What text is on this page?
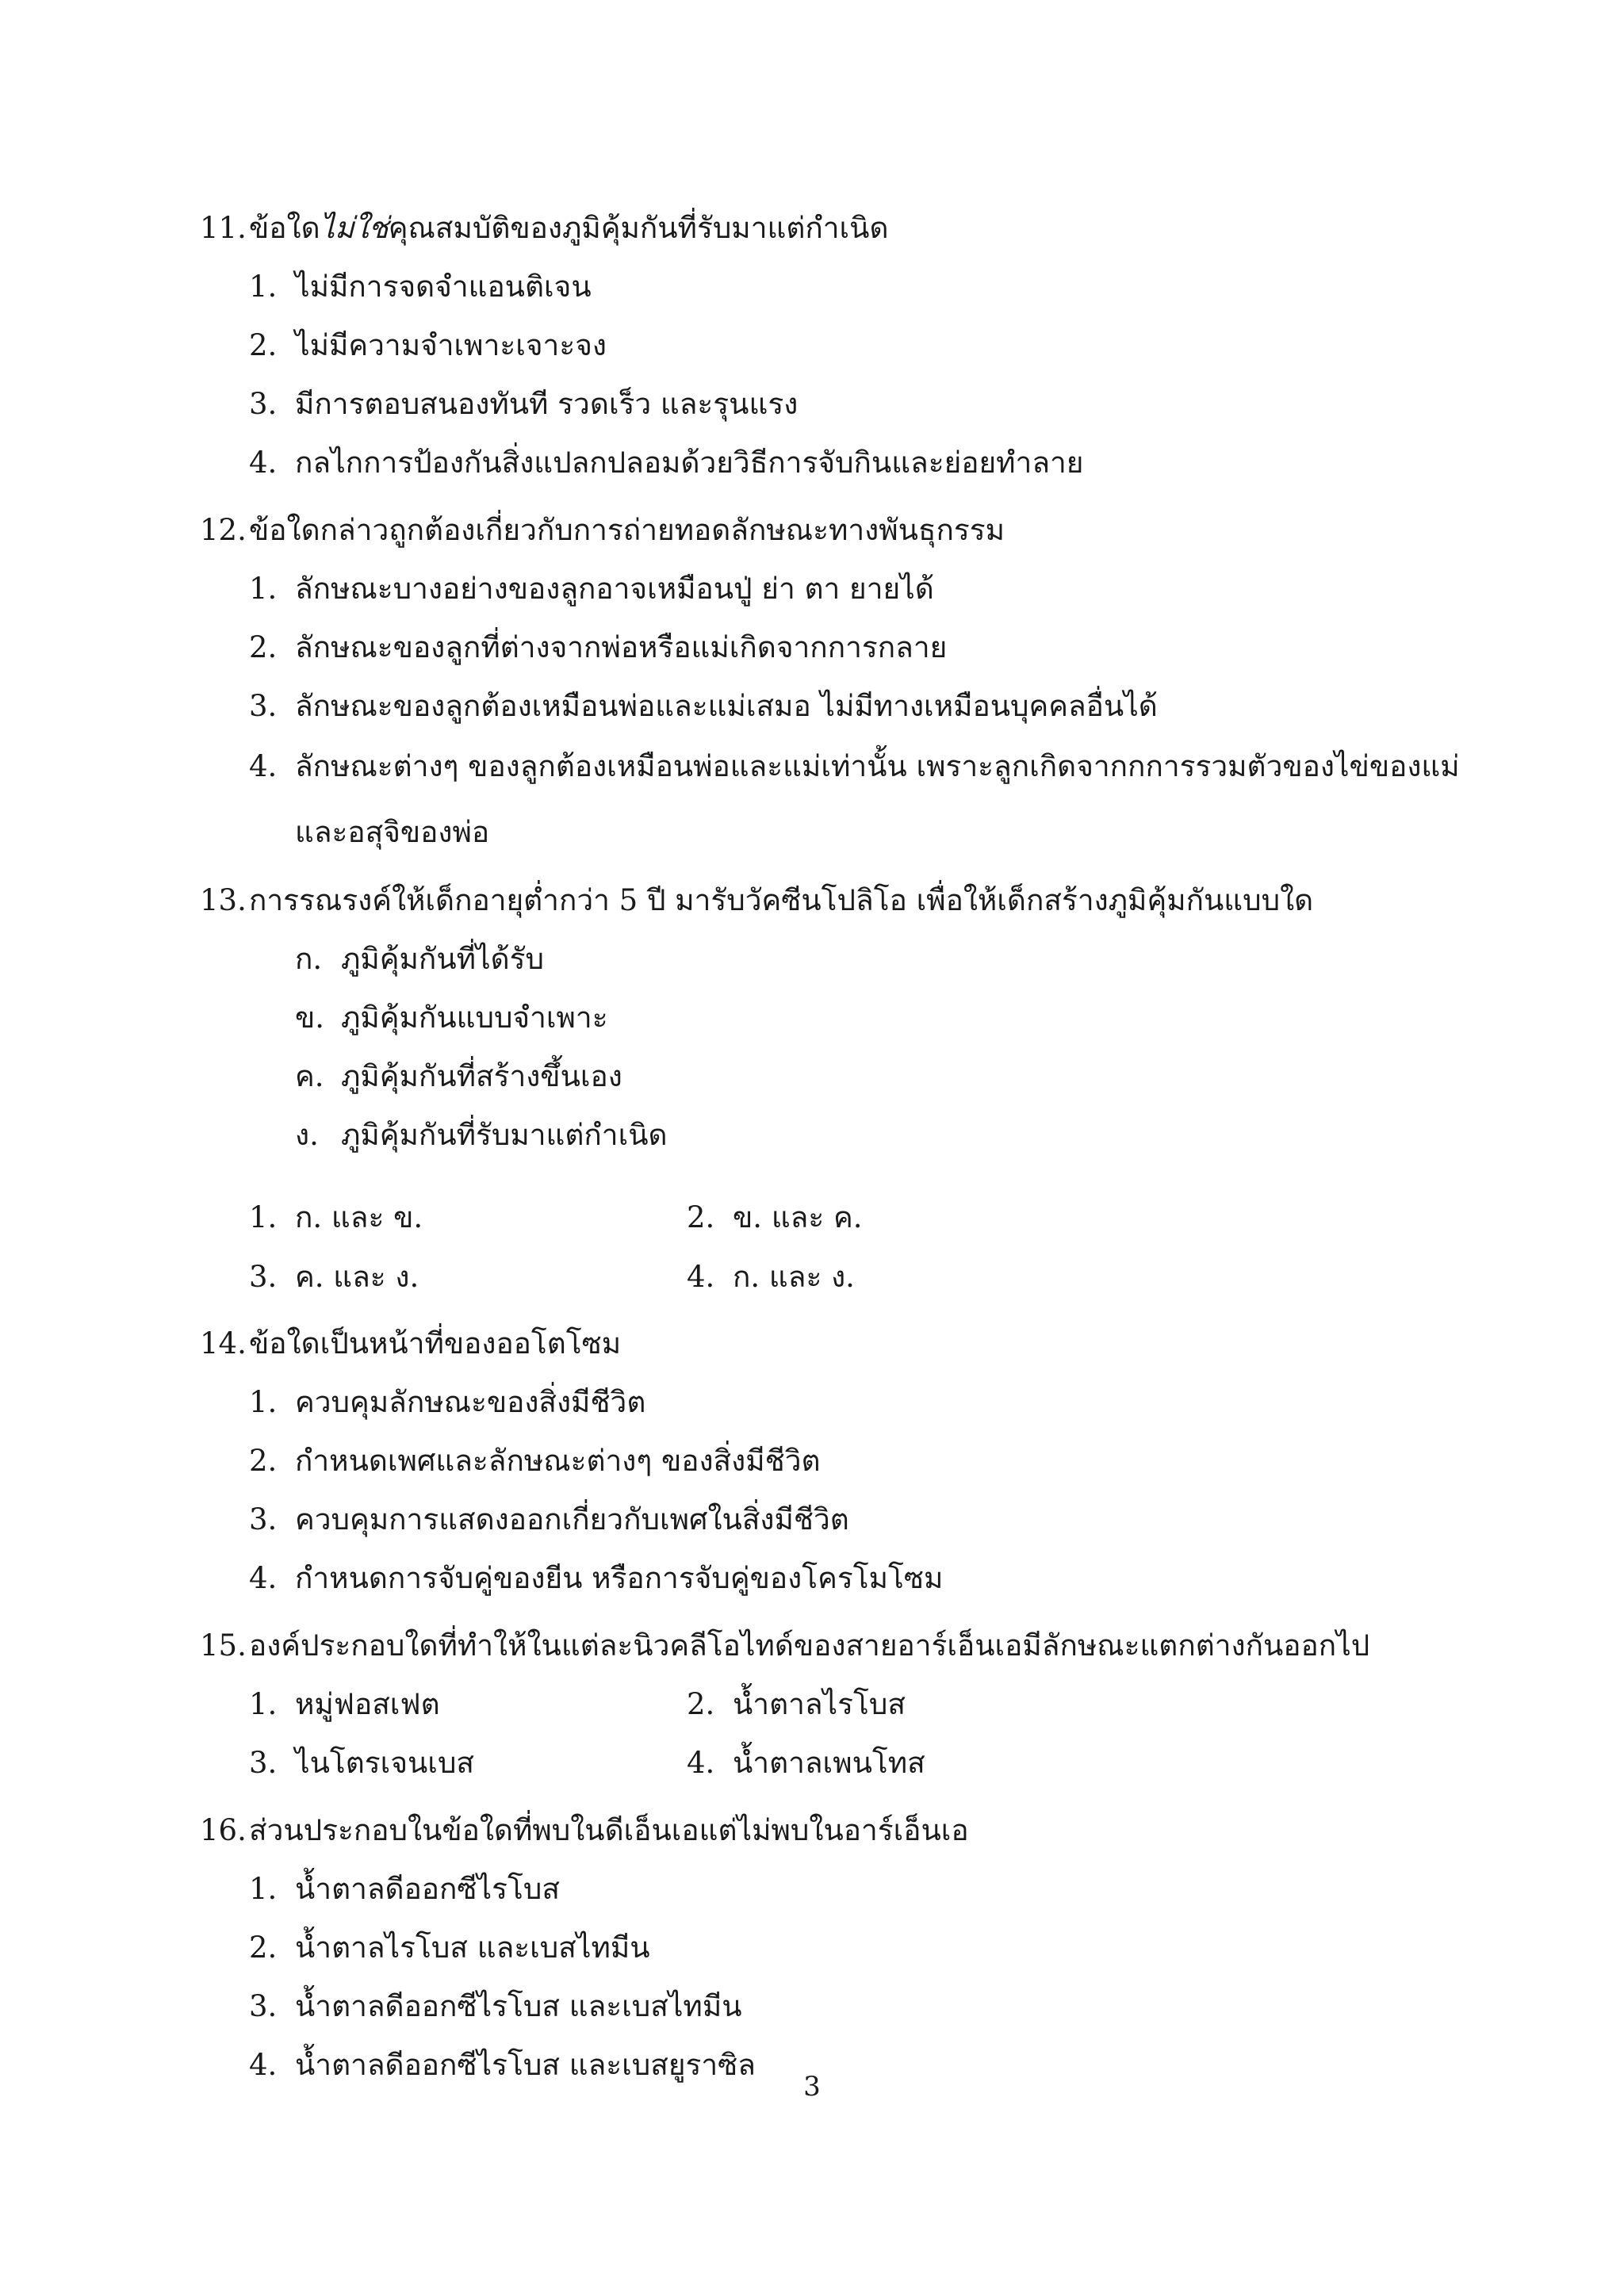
11.ข้อใดไม่ใช่คุณสมบัติของภูมิคุ้มกันที่รับมาแต่กำเนิด
1. ไม่มีการจดจำแอนติเจน
2. ไม่มีความจำเพาะเจาะจง
3. มีการตอบสนองทันที รวดเร็ว และรุนแรง
4. กลไกการป้องกันสิ่งแปลกปลอมด้วยวิธีการจับกินและย่อยทำลาย
12.ข้อใดกล่าวถูกต้องเกี่ยวกับการถ่ายทอดลักษณะทางพันธุกรรม
1. ลักษณะบางอย่างของลูกอาจเหมือนปู่ ย่า ตา ยายได้
2. ลักษณะของลูกที่ต่างจากพ่อหรือแม่เกิดจากการกลาย
3. ลักษณะของลูกต้องเหมือนพ่อและแม่เสมอ ไม่มีทางเหมือนบุคคลอื่นได้
4. ลักษณะต่างๆ ของลูกต้องเหมือนพ่อและแม่เท่านั้น เพราะลูกเกิดจากกการรวมตัวของไข่ของแม่
และอสุจิของพ่อ
13.การรณรงค์ให้เด็กอายุต่ำกว่า 5 ปี มารับวัคซีนโปลิโอ เพื่อให้เด็กสร้างภูมิคุ้มกันแบบใด
ก. ภูมิคุ้มกันที่ได้รับ
ข. ภูมิคุ้มกันแบบจำเพาะ
ค. ภูมิคุ้มกันที่สร้างขึ้นเอง
ง. ภูมิคุ้มกันที่รับมาแต่กำเนิด
1. ก. และ ข.	2. ข. และ ค.
3. ค. และ ง.	4. ก. และ ง.
14.ข้อใดเป็นหน้าที่ของออโตโซม
1. ควบคุมลักษณะของสิ่งมีชีวิต
2. กำหนดเพศและลักษณะต่างๆ ของสิ่งมีชีวิต
3. ควบคุมการแสดงออกเกี่ยวกับเพศในสิ่งมีชีวิต
4. กำหนดการจับคู่ของยีน หรือการจับคู่ของโครโมโซม
15.องค์ประกอบใดที่ทำให้ในแต่ละนิวคลีโอไทด์ของสายอาร์เอ็นเอมีลักษณะแตกต่างกันออกไป
1. หมู่ฟอสเฟต	2. น้ำตาลไรโบส
3. ไนโตรเจนเบส	4. น้ำตาลเพนโทส
16.ส่วนประกอบในข้อใดที่พบในดีเอ็นเอแต่ไม่พบในอาร์เอ็นเอ
1. น้ำตาลดีออกซีไรโบส
2. น้ำตาลไรโบส และเบสไทมีน
3. น้ำตาลดีออกซีไรโบส และเบสไทมีน
4. น้ำตาลดีออกซีไรโบส และเบสยูราซิล
3
